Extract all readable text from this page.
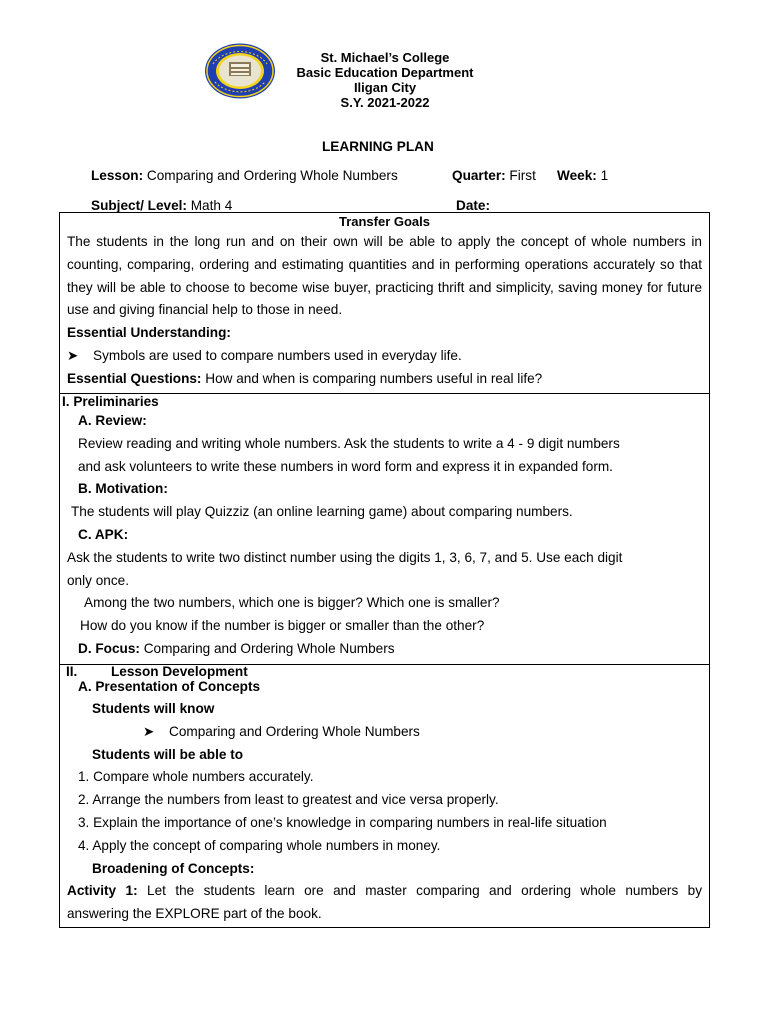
St. Michael’s College
Basic Education Department
Iligan City
S.Y. 2021-2022
LEARNING PLAN
Lesson: Comparing and Ordering Whole Numbers	Quarter: First Week: 1
Subject/ Level: Math 4	Date:

Transfer Goals

The students in the long run and on their own will be able to apply the concept of whole numbers in counting, comparing, ordering and estimating quantities and in performing operations accurately so that they will be able to choose to become wise buyer, practicing thrift and simplicity, saving money for future use and giving financial help to those in need.

Essential Understanding:

➤ Symbols are used to compare numbers used in everyday life.

Essential Questions: How and when is comparing numbers useful in real life?

I. Preliminaries

A. Review:

Review reading and writing whole numbers. Ask the students to write a 4 - 9 digit numbers

and ask volunteers to write these numbers in word form and express it in expanded form.

B. Motivation:

The students will play Quizziz (an online learning game) about comparing numbers.

C. APK:

Ask the students to write two distinct number using the digits 1, 3, 6, 7, and 5. Use each digit

only once.

Among the two numbers, which one is bigger? Which one is smaller?

How do you know if the number is bigger or smaller than the other?

D. Focus: Comparing and Ordering Whole Numbers

II. Lesson Development

A. Presentation of Concepts

Students will know

➤ Comparing and Ordering Whole Numbers

Students will be able to

1. Compare whole numbers accurately.

2. Arrange the numbers from least to greatest and vice versa properly.

3. Explain the importance of one’s knowledge in comparing numbers in real-life situation

4. Apply the concept of comparing whole numbers in money.

Broadening of Concepts:

Activity 1: Let the students learn ore and master comparing and ordering whole numbers by

answering the EXPLORE part of the book.
